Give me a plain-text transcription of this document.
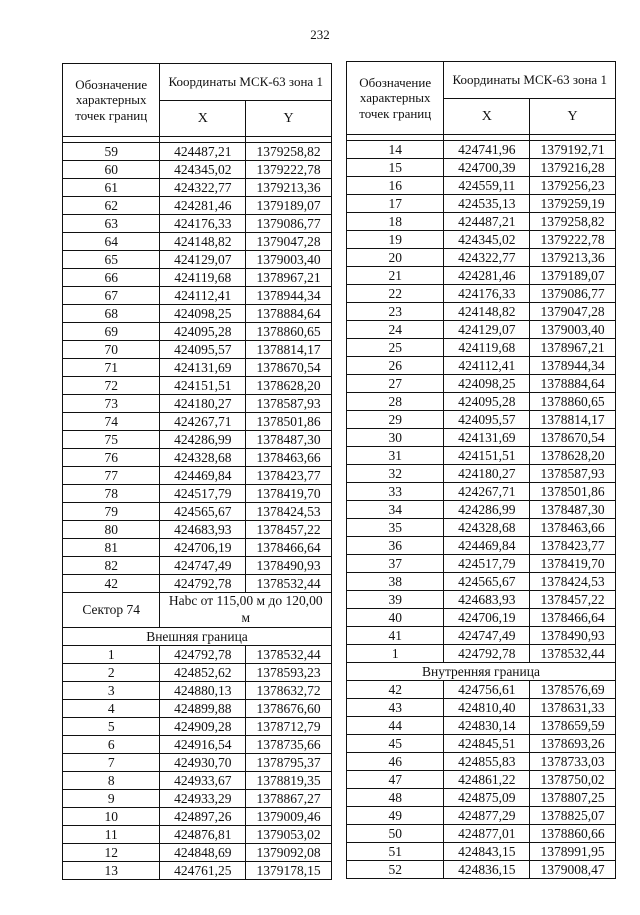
232
Обозначение характерных точек границ	Координаты МСК-63 зона 1	
	X	Y

59	424487,21	1379258,82
60	424345,02	1379222,78
61	424322,77	1379213,36
62	424281,46	1379189,07
63	424176,33	1379086,77
64	424148,82	1379047,28
65	424129,07	1379003,40
66	424119,68	1378967,21
67	424112,41	1378944,34
68	424098,25	1378884,64
69	424095,28	1378860,65
70	424095,57	1378814,17
71	424131,69	1378670,54
72	424151,51	1378628,20
73	424180,27	1378587,93
74	424267,71	1378501,86
75	424286,99	1378487,30
76	424328,68	1378463,66
77	424469,84	1378423,77
78	424517,79	1378419,70
79	424565,67	1378424,53
80	424683,93	1378457,22
81	424706,19	1378466,64
82	424747,49	1378490,93
42	424792,78	1378532,44
Сектор 74	Нabc от 115,00 м до 120,00 м	
Внешняя граница		
1	424792,78	1378532,44
2	424852,62	1378593,23
3	424880,13	1378632,72
4	424899,88	1378676,60
5	424909,28	1378712,79
6	424916,54	1378735,66
7	424930,70	1378795,37
8	424933,67	1378819,35
9	424933,29	1378867,27
10	424897,26	1379009,46
11	424876,81	1379053,02
12	424848,69	1379092,08
13	424761,25	1379178,15
Обозначение характерных точек границ	Координаты МСК-63 зона 1	
	X	Y

14	424741,96	1379192,71
15	424700,39	1379216,28
16	424559,11	1379256,23
17	424535,13	1379259,19
18	424487,21	1379258,82
19	424345,02	1379222,78
20	424322,77	1379213,36
21	424281,46	1379189,07
22	424176,33	1379086,77
23	424148,82	1379047,28
24	424129,07	1379003,40
25	424119,68	1378967,21
26	424112,41	1378944,34
27	424098,25	1378884,64
28	424095,28	1378860,65
29	424095,57	1378814,17
30	424131,69	1378670,54
31	424151,51	1378628,20
32	424180,27	1378587,93
33	424267,71	1378501,86
34	424286,99	1378487,30
35	424328,68	1378463,66
36	424469,84	1378423,77
37	424517,79	1378419,70
38	424565,67	1378424,53
39	424683,93	1378457,22
40	424706,19	1378466,64
41	424747,49	1378490,93
1	424792,78	1378532,44
Внутренняя граница		
42	424756,61	1378576,69
43	424810,40	1378631,33
44	424830,14	1378659,59
45	424845,51	1378693,26
46	424855,83	1378733,03
47	424861,22	1378750,02
48	424875,09	1378807,25
49	424877,29	1378825,07
50	424877,01	1378860,66
51	424843,15	1378991,95
52	424836,15	1379008,47
